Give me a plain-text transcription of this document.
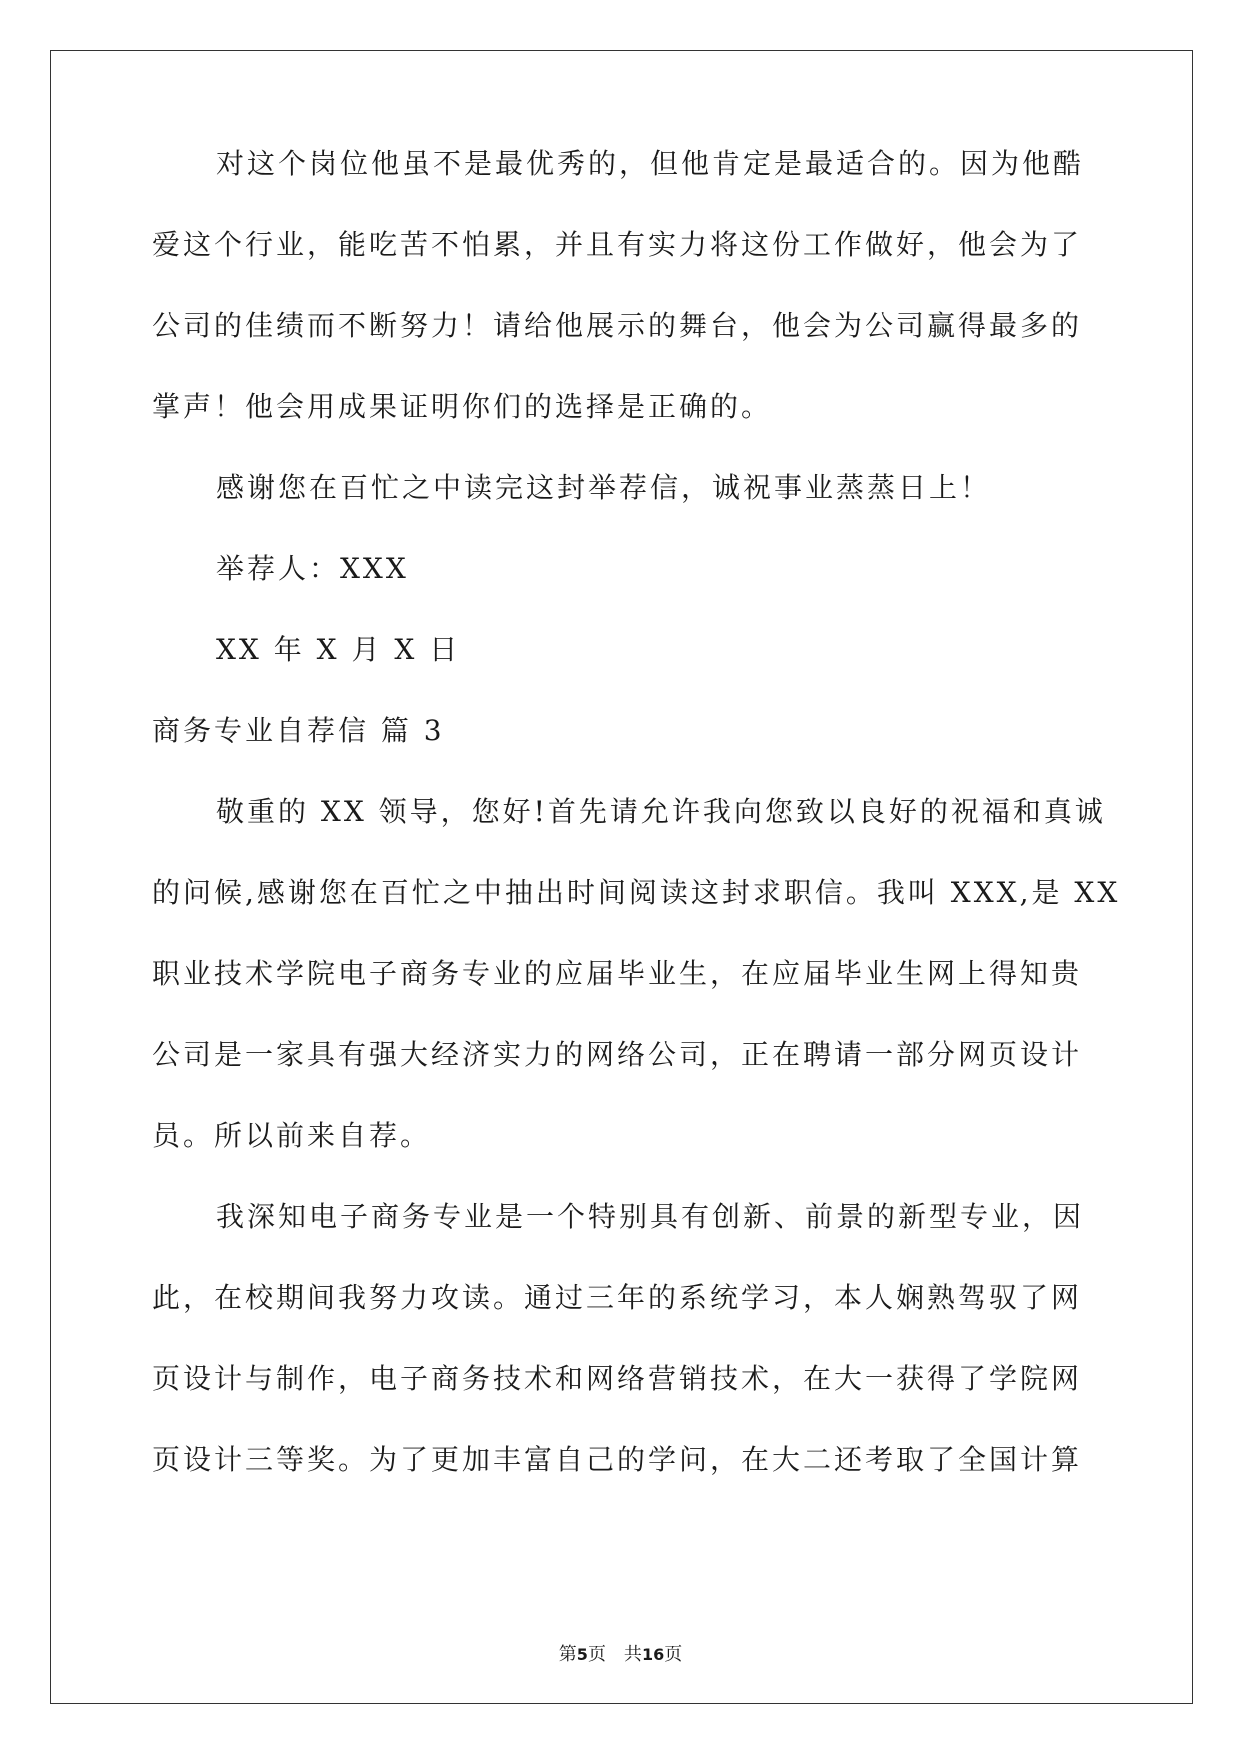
对这个岗位他虽不是最优秀的，但他肯定是最适合的。因为他酷
爱这个行业，能吃苦不怕累，并且有实力将这份工作做好，他会为了
公司的佳绩而不断努力！请给他展示的舞台，他会为公司赢得最多的
掌声！他会用成果证明你们的选择是正确的。
感谢您在百忙之中读完这封举荐信，诚祝事业蒸蒸日上！
举荐人：XXX
XX 年 X 月 X 日
商务专业自荐信 篇 3
敬重的 XX 领导，您好!首先请允许我向您致以良好的祝福和真诚
的问候,感谢您在百忙之中抽出时间阅读这封求职信。我叫 XXX,是 XX
职业技术学院电子商务专业的应届毕业生，在应届毕业生网上得知贵
公司是一家具有强大经济实力的网络公司，正在聘请一部分网页设计
员。所以前来自荐。
我深知电子商务专业是一个特别具有创新、前景的新型专业，因
此，在校期间我努力攻读。通过三年的系统学习，本人娴熟驾驭了网
页设计与制作，电子商务技术和网络营销技术，在大一获得了学院网
页设计三等奖。为了更加丰富自己的学问，在大二还考取了全国计算
第5页　共16页
